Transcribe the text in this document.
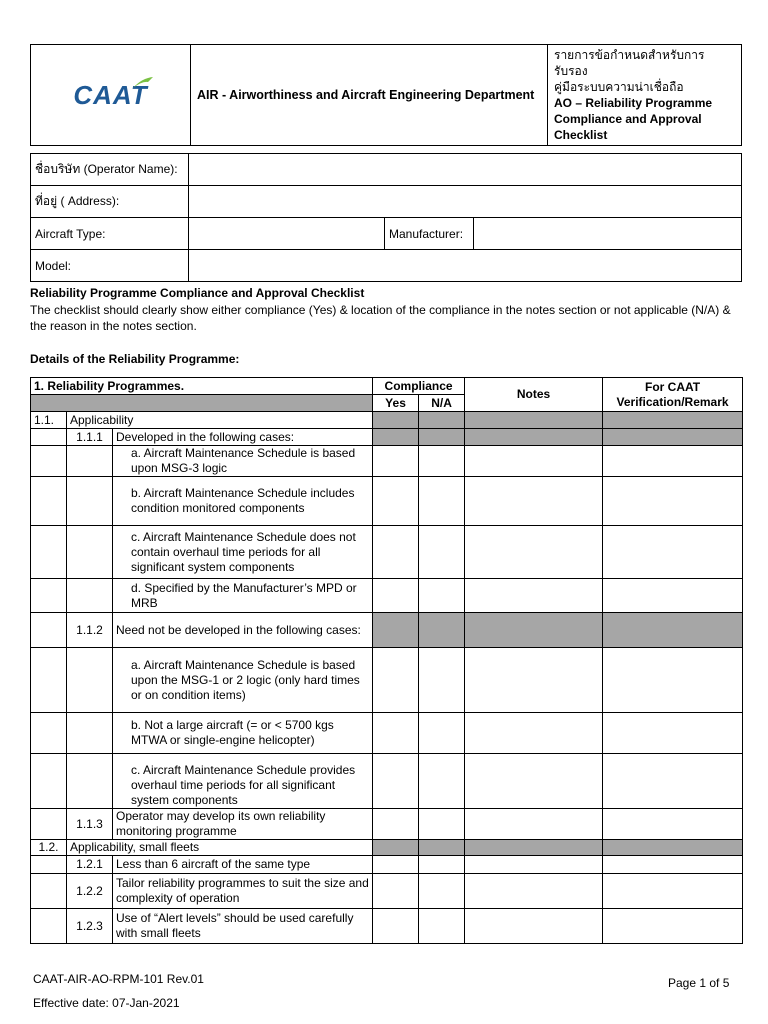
CAAT	AIR - Airworthiness and Aircraft Engineering Department	
รายการข้อกำหนดสำหรับการรับรอง
คู่มือระบบความน่าเชื่อถือ
AO – Reliability Programme Compliance and Approval Checklist
ชื่อบริษัท (Operator Name):			
ที่อยู่ ( Address):			
Aircraft Type:		Manufacturer:	
Model:			
Reliability Programme Compliance and Approval Checklist
The checklist should clearly show either compliance (Yes) & location of the compliance in the notes section or not applicable (N/A) & the reason in the notes section.
Details of the Reliability Programme:
1. Reliability Programmes.			Compliance		Notes	For CAAT Verification/Remark
			Yes	N/A		
1.1.	Applicability					
	1.1.1	Developed in the following cases:				
		a. Aircraft Maintenance Schedule is based upon MSG-3 logic				
		b. Aircraft Maintenance Schedule includes condition monitored components				
		c. Aircraft Maintenance Schedule does not contain overhaul time periods for all significant system components				
		d. Specified by the Manufacturer’s MPD or MRB				
	1.1.2	Need not be developed in the following cases:				
		a. Aircraft Maintenance Schedule is based upon the MSG-1 or 2 logic (only hard times or on condition items)				
		b. Not a large aircraft (= or < 5700 kgs MTWA or single-engine helicopter)				
		c. Aircraft Maintenance Schedule provides overhaul time periods for all significant system components				
	1.1.3	Operator may develop its own reliability monitoring programme				
1.2.	Applicability, small fleets					
	1.2.1	Less than 6 aircraft of the same type				
	1.2.2	Tailor reliability programmes to suit the size and complexity of operation				
	1.2.3	Use of “Alert levels” should be used carefully with small fleets				
CAAT-AIR-AO-RPM-101 Rev.01
Effective date: 07-Jan-2021
Page 1 of 5
